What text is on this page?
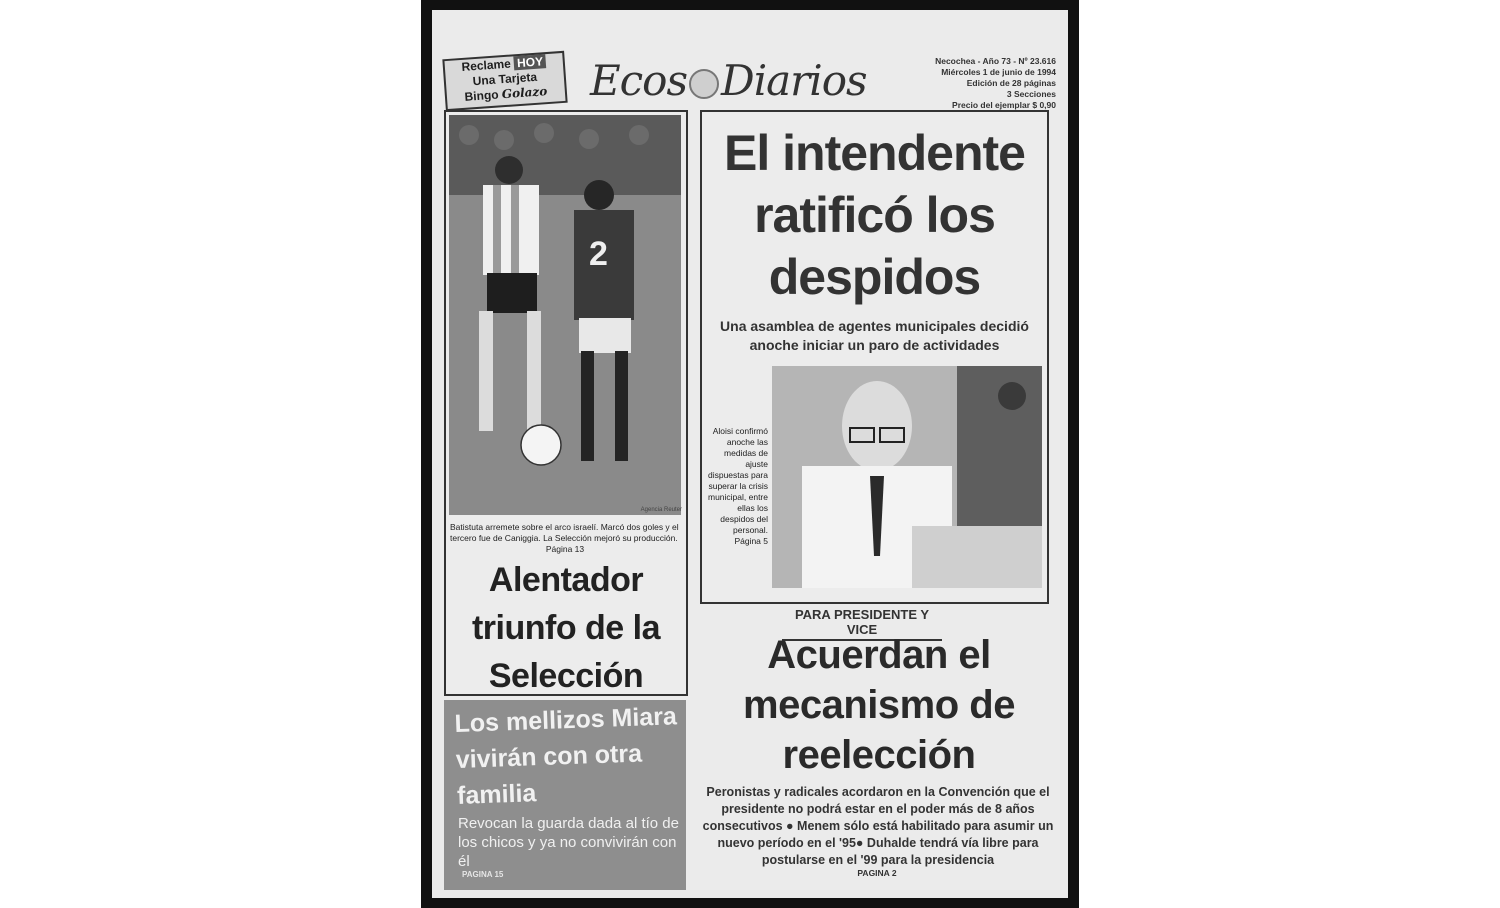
Reclame HOY
Una Tarjeta
Bingo Golazo	Ecos Diarios	Necochea - Año 73 - Nº 23.616
Miércoles 1 de junio de 1994
Edición de 28 páginas
3 Secciones
Precio del ejemplar $ 0,90
2
Agencia Reuter
Batistuta arremete sobre el arco israelí. Marcó dos goles y el tercero fue de Caniggia. La Selección mejoró su producción.
Página 13
Alentador triunfo de la Selección
El intendente ratificó los despidos
Una asamblea de agentes municipales decidió anoche iniciar un paro de actividades
Aloisi confirmó anoche las medidas de ajuste dispuestas para superar la crisis municipal, entre ellas los despidos del personal.
Página 5
PARA PRESIDENTE Y VICE
Acuerdan el mecanismo de reelección
Peronistas y radicales acordaron en la Convención que el presidente no podrá estar en el poder más de 8 años consecutivos ● Menem sólo está habilitado para asumir un nuevo período en el '95● Duhalde tendrá vía libre para postularse en el '99 para la presidencia
PAGINA 2
Los mellizos Miara vivirán con otra familia
Revocan la guarda dada al tío de los chicos y ya no convivirán con él
PAGINA 15
